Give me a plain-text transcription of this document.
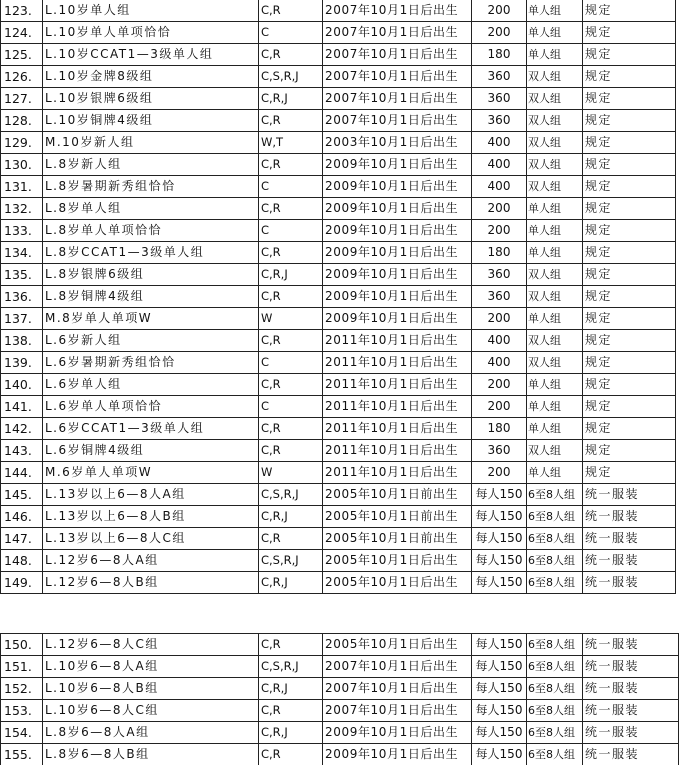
123.	L.10岁单人组	C,R	2007年10月1日后出生	200	单人组	规定
124.	L.10岁单人单项恰恰	C	2007年10月1日后出生	200	单人组	规定
125.	L.10岁CCAT1—3级单人组	C,R	2007年10月1日后出生	180	单人组	规定
126.	L.10岁金牌8级组	C,S,R,J	2007年10月1日后出生	360	双人组	规定
127.	L.10岁银牌6级组	C,R,J	2007年10月1日后出生	360	双人组	规定
128.	L.10岁铜牌4级组	C,R	2007年10月1日后出生	360	双人组	规定
129.	M.10岁新人组	W,T	2003年10月1日后出生	400	双人组	规定
130.	L.8岁新人组	C,R	2009年10月1日后出生	400	双人组	规定
131.	L.8岁暑期新秀组恰恰	C	2009年10月1日后出生	400	双人组	规定
132.	L.8岁单人组	C,R	2009年10月1日后出生	200	单人组	规定
133.	L.8岁单人单项恰恰	C	2009年10月1日后出生	200	单人组	规定
134.	L.8岁CCAT1—3级单人组	C,R	2009年10月1日后出生	180	单人组	规定
135.	L.8岁银牌6级组	C,R,J	2009年10月1日后出生	360	双人组	规定
136.	L.8岁铜牌4级组	C,R	2009年10月1日后出生	360	双人组	规定
137.	M.8岁单人单项W	W	2009年10月1日后出生	200	单人组	规定
138.	L.6岁新人组	C,R	2011年10月1日后出生	400	双人组	规定
139.	L.6岁暑期新秀组恰恰	C	2011年10月1日后出生	400	双人组	规定
140.	L.6岁单人组	C,R	2011年10月1日后出生	200	单人组	规定
141.	L.6岁单人单项恰恰	C	2011年10月1日后出生	200	单人组	规定
142.	L.6岁CCAT1—3级单人组	C,R	2011年10月1日后出生	180	单人组	规定
143.	L.6岁铜牌4级组	C,R	2011年10月1日后出生	360	双人组	规定
144.	M.6岁单人单项W	W	2011年10月1日后出生	200	单人组	规定
145.	L.13岁以上6—8人A组	C,S,R,J	2005年10月1日前出生	每人150	6至8人组	统一服装
146.	L.13岁以上6—8人B组	C,R,J	2005年10月1日前出生	每人150	6至8人组	统一服装
147.	L.13岁以上6—8人C组	C,R	2005年10月1日前出生	每人150	6至8人组	统一服装
148.	L.12岁6—8人A组	C,S,R,J	2005年10月1日后出生	每人150	6至8人组	统一服装
149.	L.12岁6—8人B组	C,R,J	2005年10月1日后出生	每人150	6至8人组	统一服装
150.	L.12岁6—8人C组	C,R	2005年10月1日后出生	每人150	6至8人组	统一服装
151.	L.10岁6—8人A组	C,S,R,J	2007年10月1日后出生	每人150	6至8人组	统一服装
152.	L.10岁6—8人B组	C,R,J	2007年10月1日后出生	每人150	6至8人组	统一服装
153.	L.10岁6—8人C组	C,R	2007年10月1日后出生	每人150	6至8人组	统一服装
154.	L.8岁6—8人A组	C,R,J	2009年10月1日后出生	每人150	6至8人组	统一服装
155.	L.8岁6—8人B组	C,R	2009年10月1日后出生	每人150	6至8人组	统一服装
